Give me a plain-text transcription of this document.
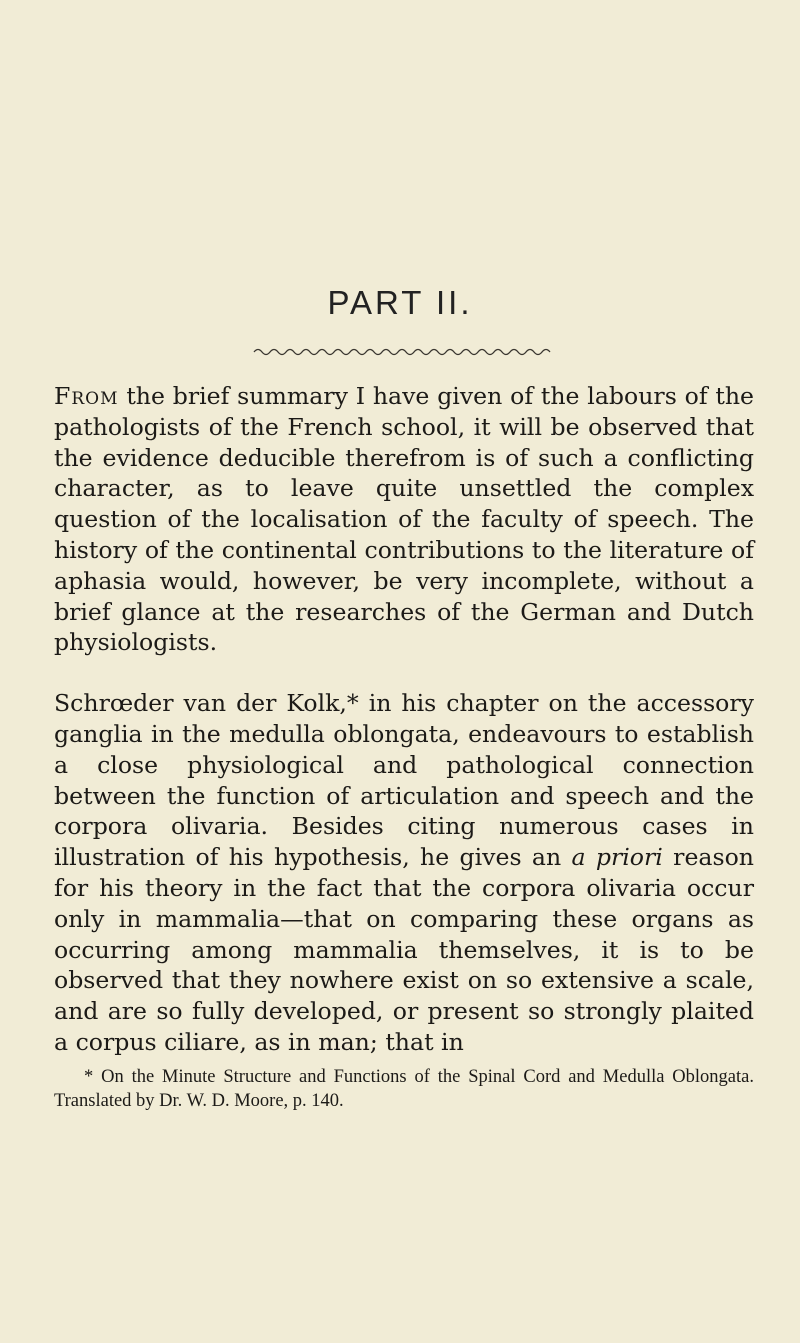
PART II.

From the brief summary I have given of the labours of the pathologists of the French school, it will be observed that the evidence deducible therefrom is of such a conflicting character, as to leave quite unsettled the complex question of the localisation of the faculty of speech. The history of the continental contributions to the literature of aphasia would, however, be very incomplete, without a brief glance at the researches of the German and Dutch physiologists.

Schrœder van der Kolk,* in his chapter on the accessory ganglia in the medulla oblongata, endeavours to establish a close physiological and pathological connection between the function of articulation and speech and the corpora olivaria. Besides citing numerous cases in illustration of his hypothesis, he gives an a priori reason for his theory in the fact that the corpora olivaria occur only in mammalia—that on comparing these organs as occurring among mammalia themselves, it is to be observed that they nowhere exist on so extensive a scale, and are so fully developed, or present so strongly plaited a corpus ciliare, as in man; that in

* On the Minute Structure and Functions of the Spinal Cord and Medulla Oblongata. Translated by Dr. W. D. Moore, p. 140.
